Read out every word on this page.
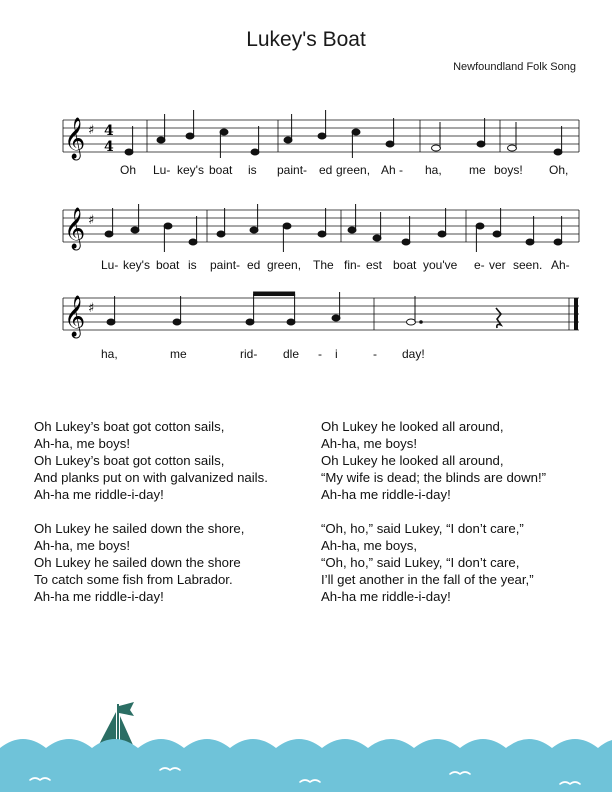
Lukey's Boat
Newfoundland Folk Song
𝄞 ♯ 4
4
Oh Lu- key's boat is paint- ed green, Ah - ha, me boys! Oh,
𝄞 ♯
Lu- key's boat is paint- ed green, The fin- est boat you've e- ver seen. Ah-
𝄞 ♯
ha,	me	rid- dle - i	- day!
Oh Lukey’s boat got cotton sails,
Ah-ha, me boys!
Oh Lukey’s boat got cotton sails,
And planks put on with galvanized nails.
Ah-ha me riddle-i-day!
Oh Lukey he sailed down the shore,
Ah-ha, me boys!
Oh Lukey he sailed down the shore
To catch some fish from Labrador.
Ah-ha me riddle-i-day!
Oh Lukey he looked all around,
Ah-ha, me boys!
Oh Lukey he looked all around,
“My wife is dead; the blinds are down!”
Ah-ha me riddle-i-day!
“Oh, ho,” said Lukey, “I don’t care,”
Ah-ha, me boys,
“Oh, ho,” said Lukey, “I don’t care,
I’ll get another in the fall of the year,”
Ah-ha me riddle-i-day!
